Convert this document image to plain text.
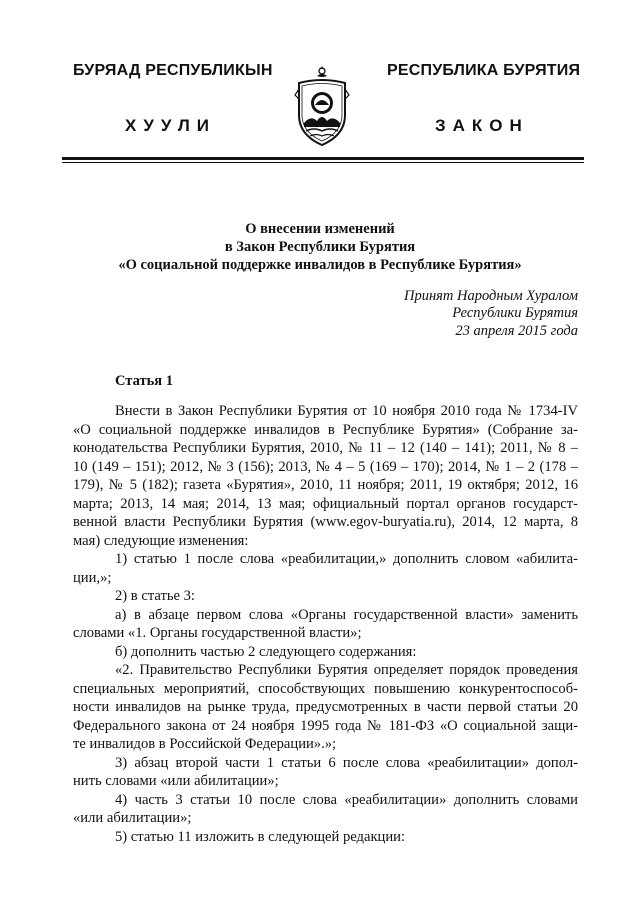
БУРЯАД РЕСПУБЛИКЫН	РЕСПУБЛИКА БУРЯТИЯ
ХУУЛИ	ЗАКОН
О внесении изменений
в Закон Республики Бурятия
«О социальной поддержке инвалидов в Республике Бурятия»
Принят Народным Хуралом
Республики Бурятия
23 апреля 2015 года
Статья 1
Внести в Закон Республики Бурятия от 10 ноября 2010 года № 1734-IV
«О социальной поддержке инвалидов в Республике Бурятия» (Собрание за-
конодательства Республики Бурятия, 2010, № 11 – 12 (140 – 141); 2011, № 8 –
10 (149 – 151); 2012, № 3 (156); 2013, № 4 – 5 (169 – 170); 2014, № 1 – 2 (178 –
179), № 5 (182); газета «Бурятия», 2010, 11 ноября; 2011, 19 октября; 2012, 16
марта; 2013, 14 мая; 2014, 13 мая; официальный портал органов государст-
венной власти Республики Бурятия (www.egov-buryatia.ru), 2014, 12 марта, 8
мая) следующие изменения:
1) статью 1 после слова «реабилитации,» дополнить словом «абилита-
ции,»;
2) в статье 3:
а) в абзаце первом слова «Органы государственной власти» заменить
словами «1. Органы государственной власти»;
б) дополнить частью 2 следующего содержания:
«2. Правительство Республики Бурятия определяет порядок проведения
специальных мероприятий, способствующих повышению конкурентоспособ-
ности инвалидов на рынке труда, предусмотренных в части первой статьи 20
Федерального закона от 24 ноября 1995 года № 181-ФЗ «О социальной защи-
те инвалидов в Российской Федерации».»;
3) абзац второй части 1 статьи 6 после слова «реабилитации» допол-
нить словами «или абилитации»;
4) часть 3 статьи 10 после слова «реабилитации» дополнить словами
«или абилитации»;
5) статью 11 изложить в следующей редакции:
